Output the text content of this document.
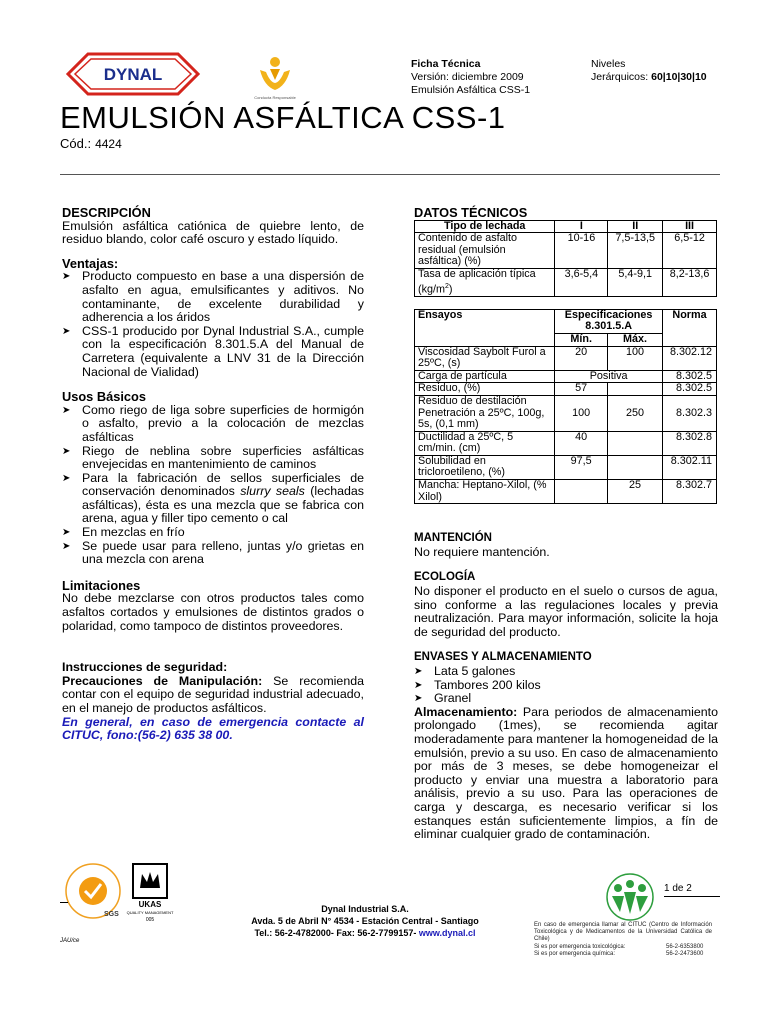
DYNAL
Conducta Responsable
Ficha Técnica
Versión: diciembre 2009
Emulsión Asfáltica CSS-1
Niveles
Jerárquicos: 60|10|30|10
EMULSIÓN ASFÁLTICA CSS-1
Cód.: 4424
DESCRIPCIÓN
Emulsión asfáltica catiónica de quiebre lento, de residuo blando, color café oscuro y estado líquido.
Ventajas:
➤ Producto compuesto en base a una dispersión de asfalto en agua, emulsificantes y aditivos. No contaminante, de excelente durabilidad y adherencia a los áridos
➤ CSS-1 producido por Dynal Industrial S.A., cumple con la especificación 8.301.5.A del Manual de Carretera (equivalente a LNV 31 de la Dirección Nacional de Vialidad)
Usos Básicos
➤ Como riego de liga sobre superficies de hormigón o asfalto, previo a la colocación de mezclas asfálticas
➤ Riego de neblina sobre superficies asfálticas envejecidas en mantenimiento de caminos
➤ Para la fabricación de sellos superficiales de conservación denominados slurry seals (lechadas asfálticas), ésta es una mezcla que se fabrica con arena, agua y filler tipo cemento o cal
➤ En mezclas en frío
➤ Se puede usar para relleno, juntas y/o grietas en una mezcla con arena
Limitaciones
No debe mezclarse con otros productos tales como asfaltos cortados y emulsiones de distintos grados o polaridad, como tampoco de distintos proveedores.
Instrucciones de seguridad:
Precauciones de Manipulación: Se recomienda contar con el equipo de seguridad industrial adecuado, en el manejo de productos asfálticos.
En general, en caso de emergencia contacte al CITUC, fono:(56-2) 635 38 00.
DATOS TÉCNICOS
Tipo de lechada	I	II	III
Contenido de asfalto residual (emulsión asfáltica) (%)	10-16	7,5-13,5	6,5-12
Tasa de aplicación típica $(kg/m^2)$	3,6-5,4	5,4-9,1	8,2-13,6
Ensayos	Especificaciones 8.301.5.A		Norma
	Mín.	Máx.	
Viscosidad Saybolt Furol a 25ºC, (s)	20	100	8.302.12
Carga de partícula	Positiva		8.302.5
Residuo, (%)	57		8.302.5
Residuo de destilación Penetración a 25ºC, 100g, 5s, (0,1 mm)	100	250	8.302.3
Ductilidad a 25ºC, 5 cm/min. (cm)	40		8.302.8
Solubilidad en tricloroetileno, (%)	97,5		8.302.11
Mancha: Heptano-Xilol, (% Xilol)		25	8.302.7
MANTENCIÓN
No requiere mantención.
ECOLOGÍA
No disponer el producto en el suelo o cursos de agua, sino conforme a las regulaciones locales y previa neutralización. Para mayor información, solicite la hoja de seguridad del producto.
ENVASES Y ALMACENAMIENTO
➤ Lata 5 galones
➤ Tambores 200 kilos
➤ Granel
Almacenamiento: Para periodos de almacenamiento prolongado (1mes), se recomienda agitar moderadamente para mantener la homogeneidad de la emulsión, previo a su uso. En caso de almacenamiento por más de 3 meses, se debe homogeneizar el producto y enviar una muestra a laboratorio para análisis, previo a su uso. Para las operaciones de carga y descarga, es necesario verificar si los estanques están suficientemente limpios, a fín de eliminar cualquier grado de contaminación.
SGS
UKAS
QUALITY MANAGEMENT
005
Dynal Industrial S.A.
Avda. 5 de Abril N° 4534 - Estación Central - Santiago
Tel.: 56-2-4782000- Fax: 56-2-7799157- www.dynal.cl
JAU/ce
1 de 2
En caso de emergencia llamar al CITUC (Centro de Información Toxicológica y de Medicamentos de la Universidad Católica de Chile)
Si es por emergencia toxicológica:	56-2-6353800
Si es por emergencia química:	56-2-2473600
